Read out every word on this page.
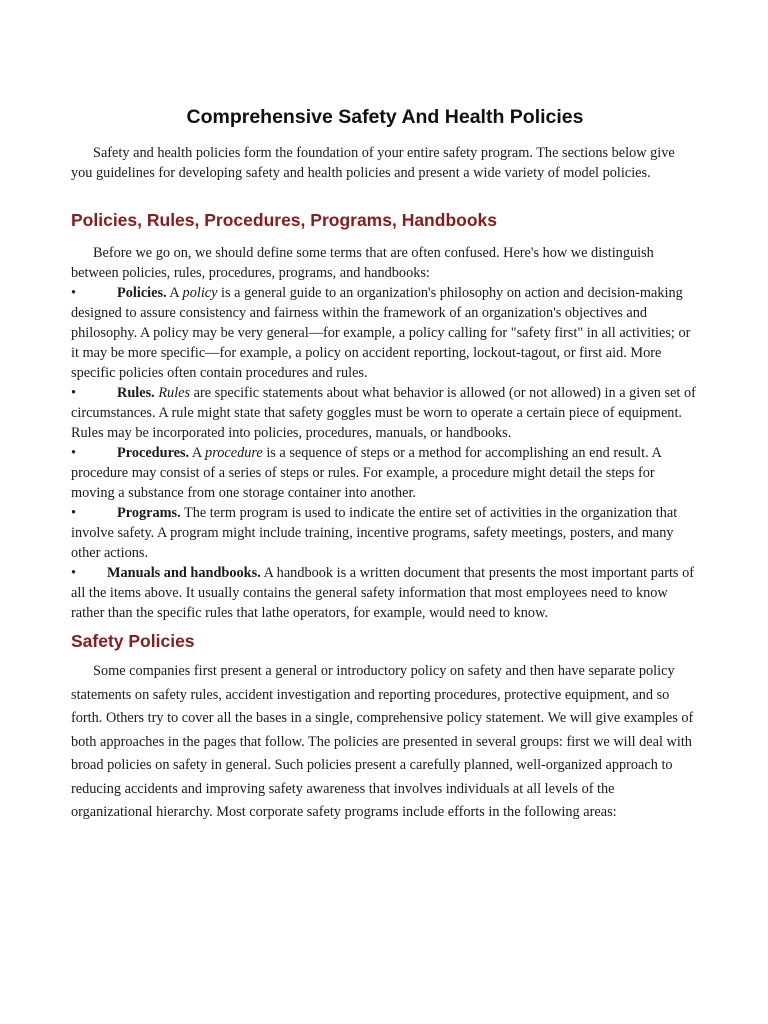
Comprehensive Safety And Health Policies

Safety and health policies form the foundation of your entire safety program. The sections below give you guidelines for developing safety and health policies and present a wide variety of model policies.

Policies, Rules, Procedures, Programs, Handbooks

Before we go on, we should define some terms that are often confused. Here's how we distinguish between policies, rules, procedures, programs, and handbooks:

•	Policies. A policy is a general guide to an organization's philosophy on action and decision-making designed to assure consistency and fairness within the framework of an organization's objectives and philosophy. A policy may be very general—for example, a policy calling for "safety first" in all activities; or it may be more specific—for example, a policy on accident reporting, lockout-tagout, or first aid. More specific policies often contain procedures and rules.

•	Rules. Rules are specific statements about what behavior is allowed (or not allowed) in a given set of circumstances. A rule might state that safety goggles must be worn to operate a certain piece of equipment. Rules may be incorporated into policies, procedures, manuals, or handbooks.

•	Procedures. A procedure is a sequence of steps or a method for accomplishing an end result. A procedure may consist of a series of steps or rules. For example, a procedure might detail the steps for moving a substance from one storage container into another.

•	Programs. The term program is used to indicate the entire set of activities in the organization that involve safety. A program might include training, incentive programs, safety meetings, posters, and many other actions.

• Manuals and handbooks. A handbook is a written document that presents the most important parts of all the items above. It usually contains the general safety information that most employees need to know rather than the specific rules that lathe operators, for example, would need to know.

Safety Policies

Some companies first present a general or introductory policy on safety and then have separate policy statements on safety rules, accident investigation and reporting procedures, protective equipment, and so forth. Others try to cover all the bases in a single, comprehensive policy statement. We will give examples of both approaches in the pages that follow. The policies are presented in several groups: first we will deal with broad policies on safety in general. Such policies present a carefully planned, well-organized approach to reducing accidents and improving safety awareness that involves individuals at all levels of the organizational hierarchy. Most corporate safety programs include efforts in the following areas:
